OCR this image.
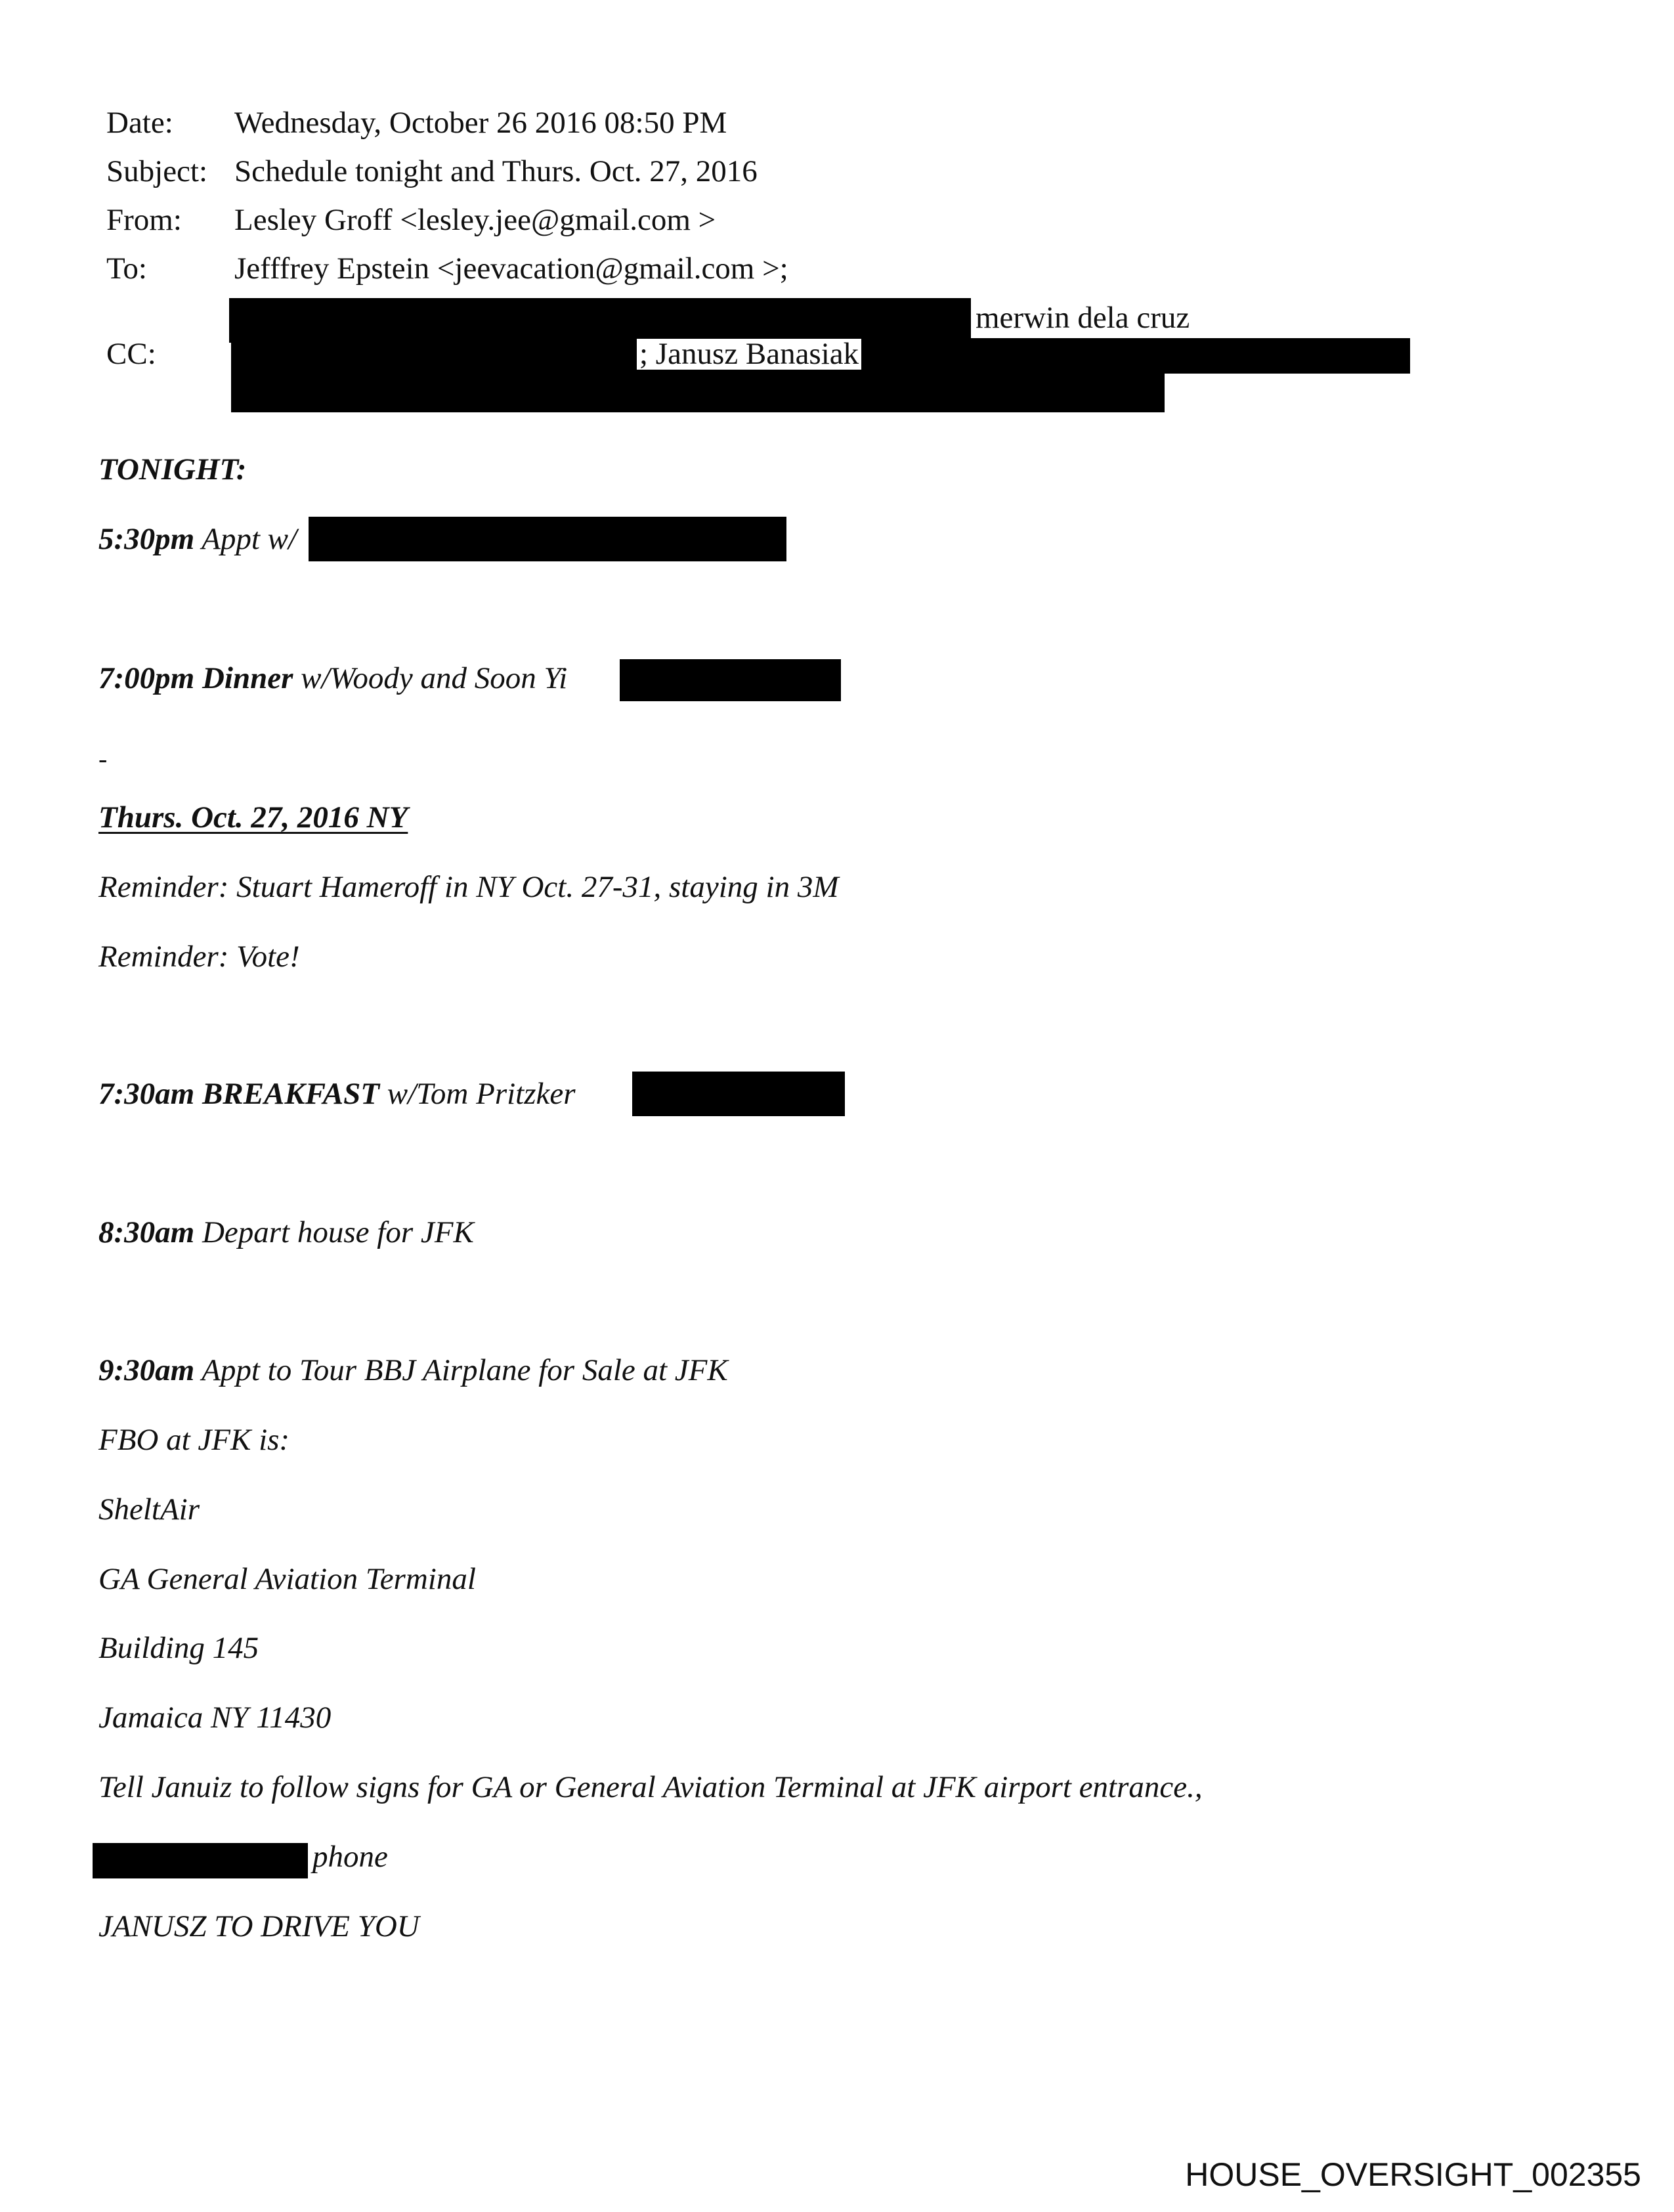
Date: Wednesday, October 26 2016 08:50 PM
Subject: Schedule tonight and Thurs. Oct. 27, 2016
From: Lesley Groff <lesley.jee@gmail.com >
To:	Jefffrey Epstein <jeevacation@gmail.com >;
CC:
merwin dela cruz
; Janusz Banasiak
TONIGHT:
5:30pm Appt w/
7:00pm Dinner w/Woody and Soon Yi
-
Thurs. Oct. 27, 2016 NY
Reminder: Stuart Hameroff in NY Oct. 27-31, staying in 3M
Reminder: Vote!
7:30am BREAKFAST w/Tom Pritzker
8:30am Depart house for JFK
9:30am Appt to Tour BBJ Airplane for Sale at JFK
FBO at JFK is:
SheltAir
GA General Aviation Terminal
Building 145
Jamaica NY 11430
Tell Januiz to follow signs for GA or General Aviation Terminal at JFK airport entrance.,
phone
JANUSZ TO DRIVE YOU
HOUSE_OVERSIGHT_002355
